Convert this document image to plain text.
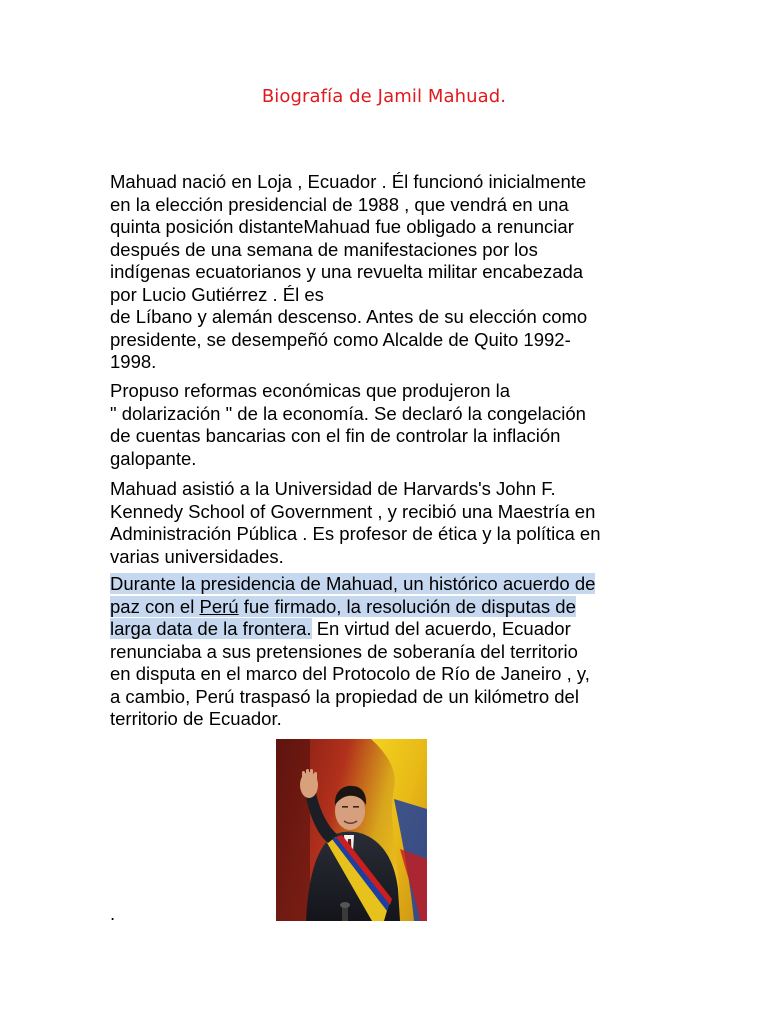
Biografía de Jamil Mahuad.
Mahuad nació en Loja , Ecuador . Él funcionó inicialmente
en la elección presidencial de 1988 , que vendrá en una
quinta posición distanteMahuad fue obligado a renunciar
después de una semana de manifestaciones por los
indígenas ecuatorianos y una revuelta militar encabezada
por Lucio Gutiérrez . Él es
de Líbano y alemán descenso. Antes de su elección como
presidente, se desempeñó como Alcalde de Quito 1992-
1998.
Propuso reformas económicas que produjeron la
" dolarización " de la economía. Se declaró la congelación
de cuentas bancarias con el fin de controlar la inflación
galopante.
Mahuad asistió a la Universidad de Harvards's John F.
Kennedy School of Government , y recibió una Maestría en
Administración Pública . Es profesor de ética y la política en
varias universidades.
Durante la presidencia de Mahuad, un histórico acuerdo de
paz con el Perú fue firmado, la resolución de disputas de
larga data de la frontera. En virtud del acuerdo, Ecuador
renunciaba a sus pretensiones de soberanía del territorio
en disputa en el marco del Protocolo de Río de Janeiro , y,
a cambio, Perú traspasó la propiedad de un kilómetro del
territorio de Ecuador.
.
